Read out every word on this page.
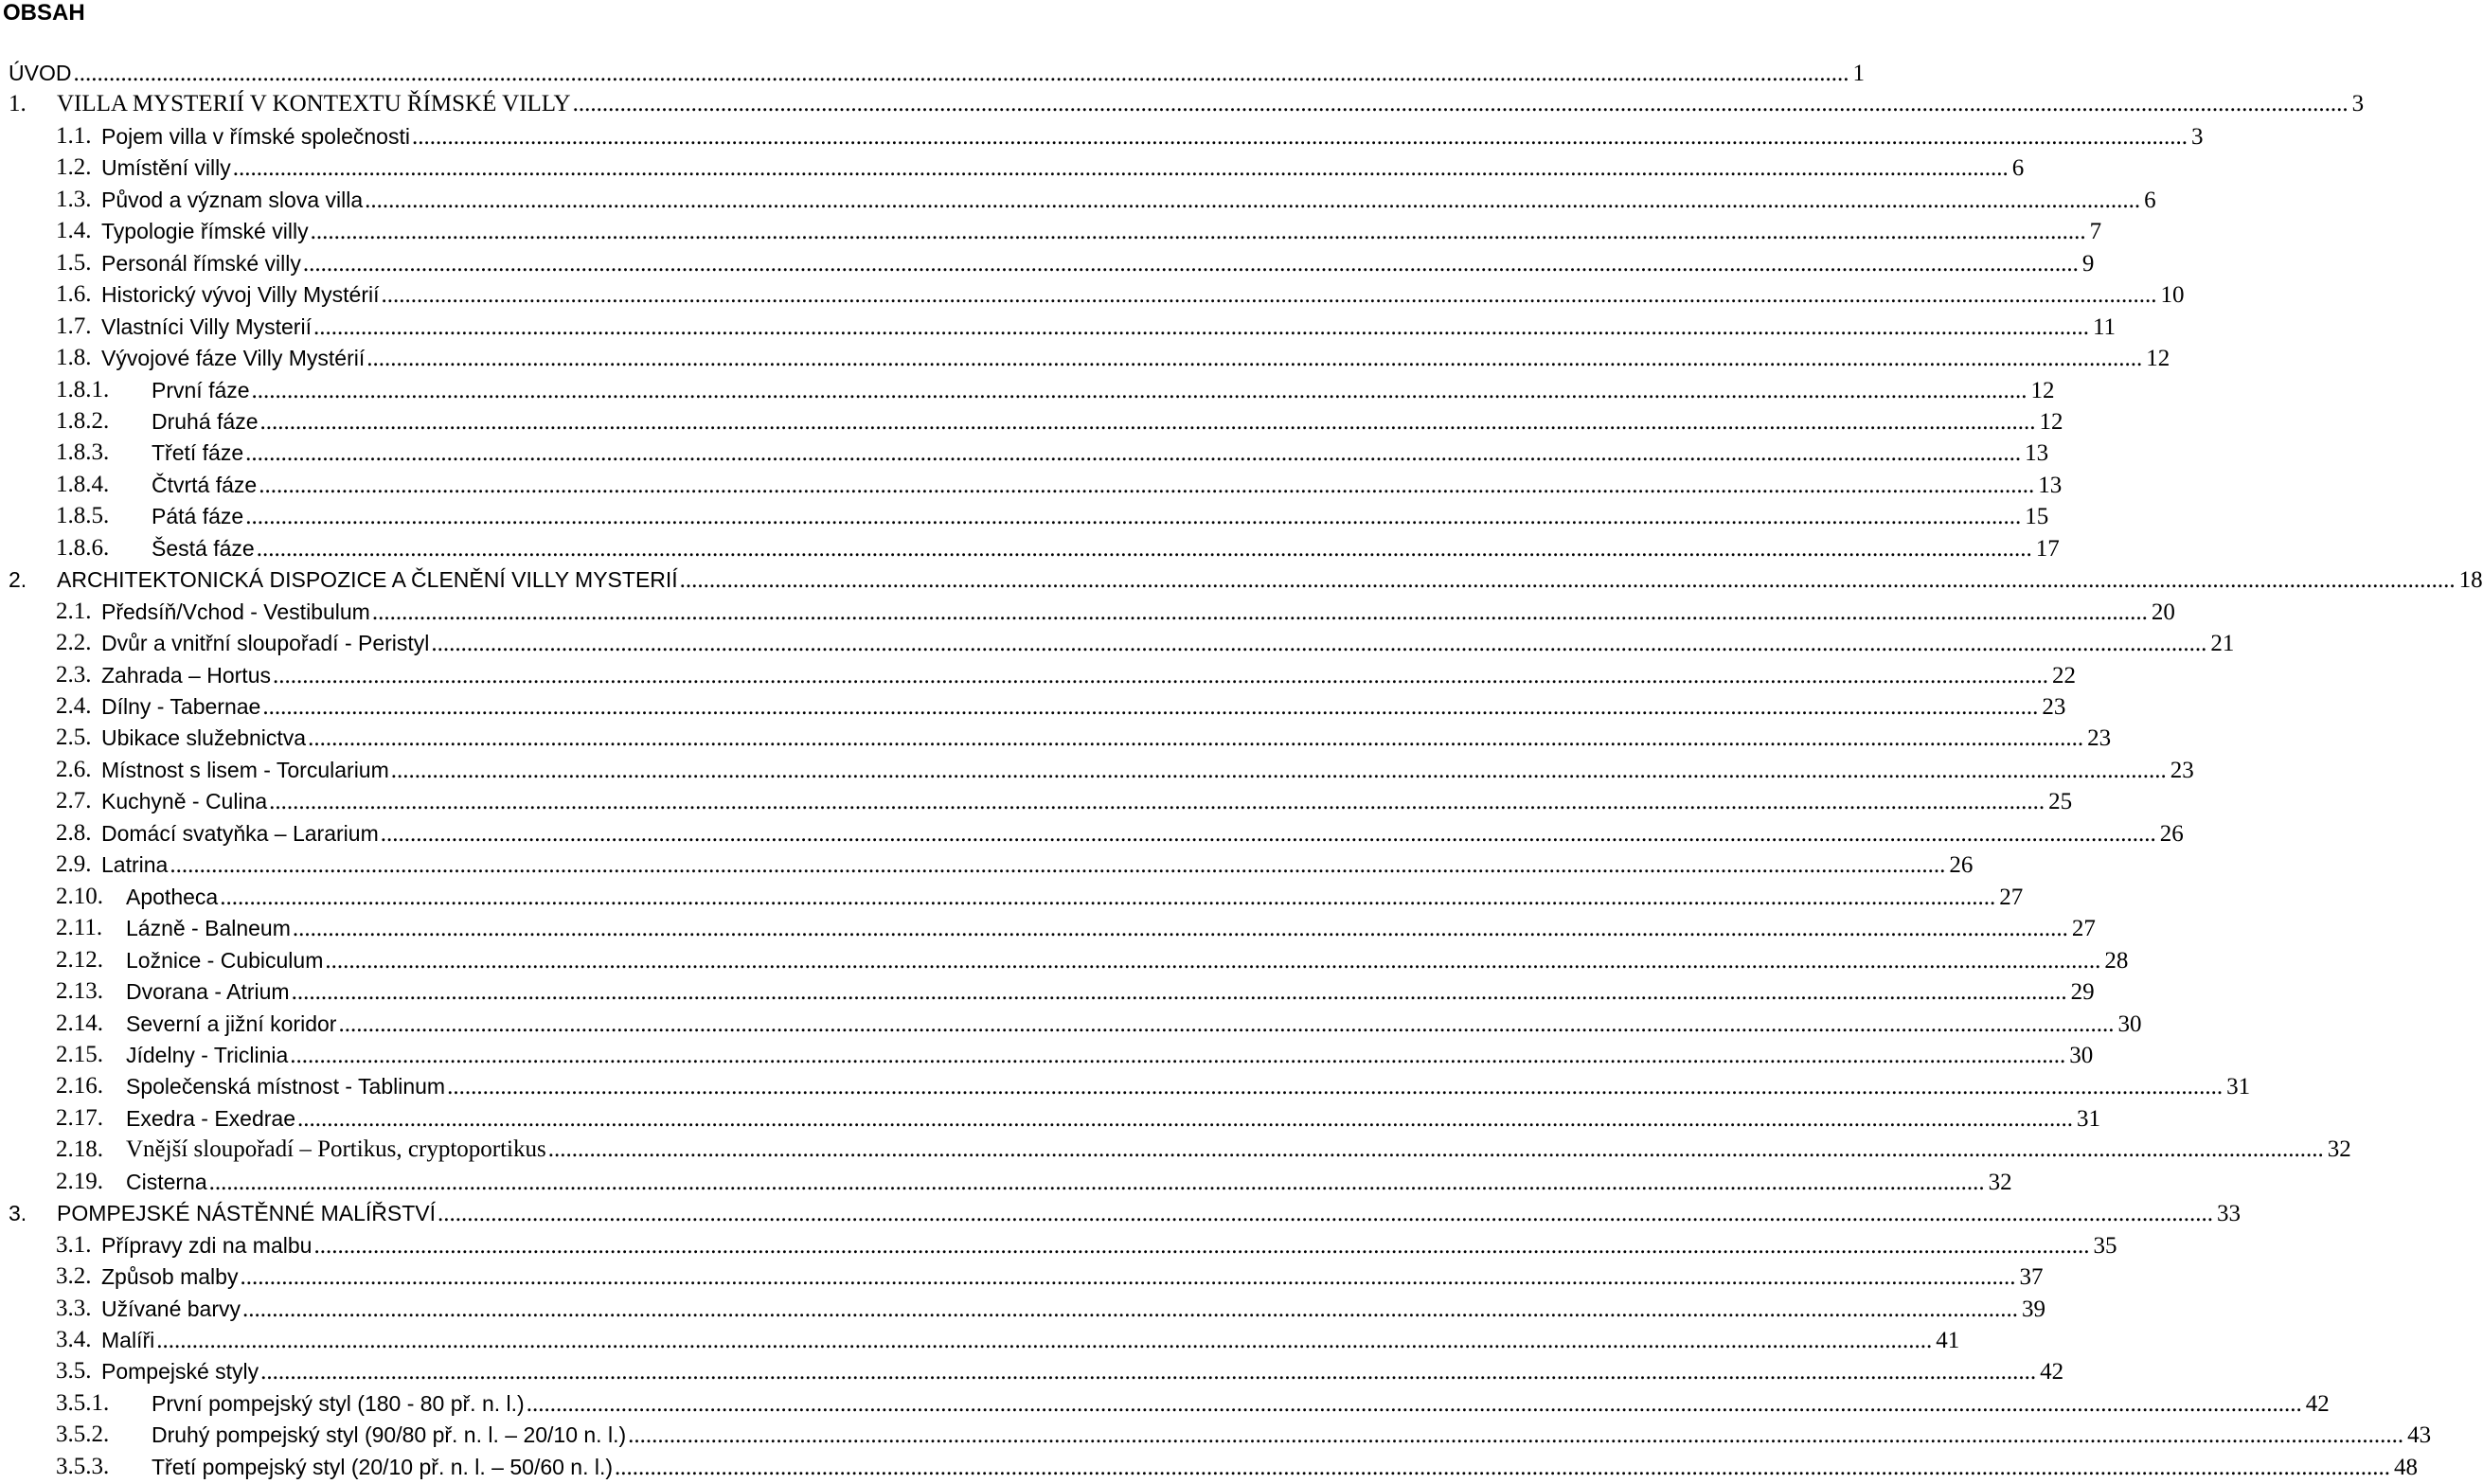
OBSAH
ÚVOD ............................................................................................................................................................................................................................................................................................................ 1
1. VILLA MYSTERIÍ V KONTEXTU ŘÍMSKÉ VILLY ............................................................................................................................................................................................................................................................................................................ 3
1.1. Pojem villa v římské společnosti ............................................................................................................................................................................................................................................................................................................ 3
1.2. Umístění villy ............................................................................................................................................................................................................................................................................................................ 6
1.3. Původ a význam slova villa ............................................................................................................................................................................................................................................................................................................ 6
1.4. Typologie římské villy ............................................................................................................................................................................................................................................................................................................ 7
1.5. Personál římské villy ............................................................................................................................................................................................................................................................................................................ 9
1.6. Historický vývoj Villy Mystérií ............................................................................................................................................................................................................................................................................................................ 10
1.7. Vlastníci Villy Mysterií ............................................................................................................................................................................................................................................................................................................ 11
1.8. Vývojové fáze Villy Mystérií ............................................................................................................................................................................................................................................................................................................ 12
1.8.1. První fáze ............................................................................................................................................................................................................................................................................................................ 12
1.8.2. Druhá fáze ............................................................................................................................................................................................................................................................................................................ 12
1.8.3. Třetí fáze ............................................................................................................................................................................................................................................................................................................ 13
1.8.4. Čtvrtá fáze ............................................................................................................................................................................................................................................................................................................ 13
1.8.5. Pátá fáze ............................................................................................................................................................................................................................................................................................................ 15
1.8.6. Šestá fáze ............................................................................................................................................................................................................................................................................................................ 17
2. ARCHITEKTONICKÁ DISPOZICE A ČLENĚNÍ VILLY MYSTERIÍ ............................................................................................................................................................................................................................................................................................................ 18
2.1. Předsíň/Vchod - Vestibulum ............................................................................................................................................................................................................................................................................................................ 20
2.2. Dvůr a vnitřní sloupořadí - Peristyl ............................................................................................................................................................................................................................................................................................................ 21
2.3. Zahrada – Hortus ............................................................................................................................................................................................................................................................................................................ 22
2.4. Dílny - Tabernae ............................................................................................................................................................................................................................................................................................................ 23
2.5. Ubikace služebnictva ............................................................................................................................................................................................................................................................................................................ 23
2.6. Místnost s lisem - Torcularium ............................................................................................................................................................................................................................................................................................................ 23
2.7. Kuchyně - Culina ............................................................................................................................................................................................................................................................................................................ 25
2.8. Domácí svatyňka – Lararium ............................................................................................................................................................................................................................................................................................................ 26
2.9. Latrina ............................................................................................................................................................................................................................................................................................................ 26
2.10. Apotheca ............................................................................................................................................................................................................................................................................................................ 27
2.11. Lázně - Balneum ............................................................................................................................................................................................................................................................................................................ 27
2.12. Ložnice - Cubiculum ............................................................................................................................................................................................................................................................................................................ 28
2.13. Dvorana - Atrium ............................................................................................................................................................................................................................................................................................................ 29
2.14. Severní a jižní koridor ............................................................................................................................................................................................................................................................................................................ 30
2.15. Jídelny - Triclinia ............................................................................................................................................................................................................................................................................................................ 30
2.16. Společenská místnost - Tablinum ............................................................................................................................................................................................................................................................................................................ 31
2.17. Exedra - Exedrae ............................................................................................................................................................................................................................................................................................................ 31
2.18. Vnější sloupořadí – Portikus, cryptoportikus ............................................................................................................................................................................................................................................................................................................ 32
2.19. Cisterna ............................................................................................................................................................................................................................................................................................................ 32
3. POMPEJSKÉ NÁSTĚNNÉ MALÍŘSTVÍ ............................................................................................................................................................................................................................................................................................................ 33
3.1. Přípravy zdi na malbu ............................................................................................................................................................................................................................................................................................................ 35
3.2. Způsob malby ............................................................................................................................................................................................................................................................................................................ 37
3.3. Užívané barvy ............................................................................................................................................................................................................................................................................................................ 39
3.4. Malíři ............................................................................................................................................................................................................................................................................................................ 41
3.5. Pompejské styly ............................................................................................................................................................................................................................................................................................................ 42
3.5.1. První pompejský styl (180 - 80 př. n. l.) ............................................................................................................................................................................................................................................................................................................ 42
3.5.2. Druhý pompejský styl (90/80 př. n. l. – 20/10 n. l.) ............................................................................................................................................................................................................................................................................................................ 43
3.5.3. Třetí pompejský styl (20/10 př. n. l. – 50/60 n. l.) ............................................................................................................................................................................................................................................................................................................ 48
